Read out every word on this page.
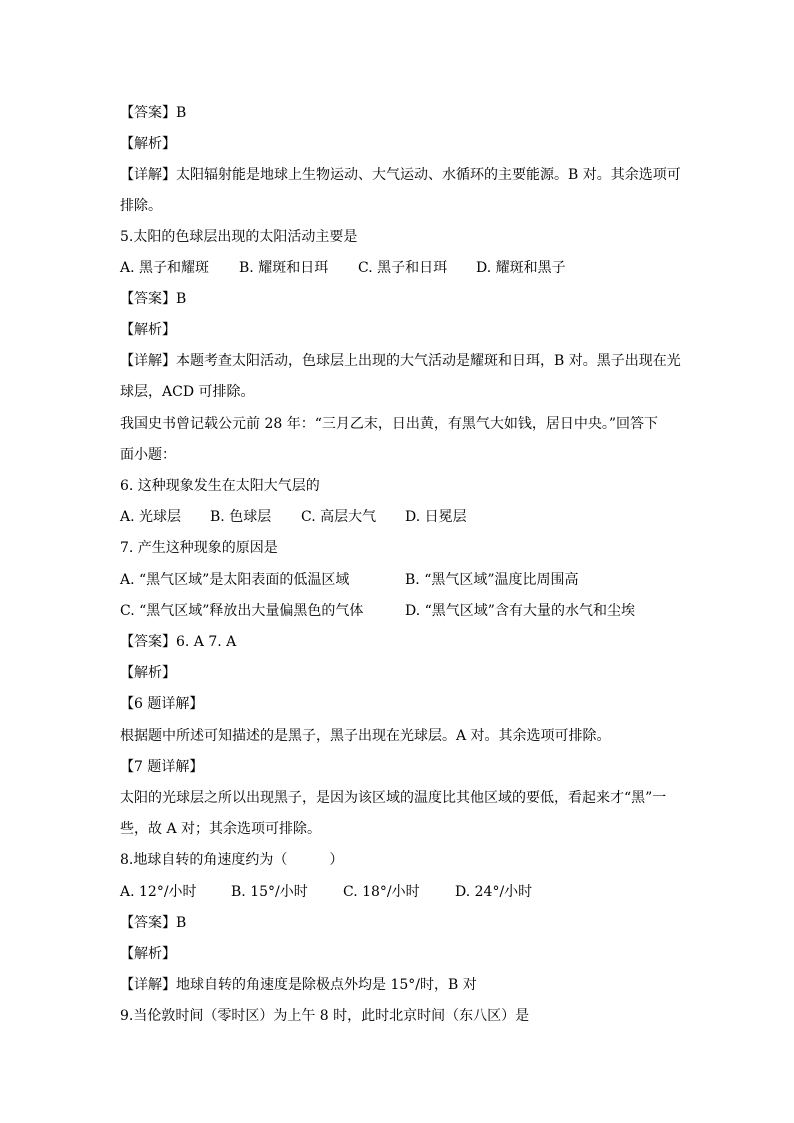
【答案】B
【解析】
【详解】太阳辐射能是地球上生物运动、大气运动、水循环的主要能源。B 对。其余选项可
排除。
5.太阳的色球层出现的太阳活动主要是
A. 黑子和耀斑 B. 耀斑和日珥 C. 黑子和日珥 D. 耀斑和黑子
【答案】B
【解析】
【详解】本题考查太阳活动，色球层上出现的大气活动是耀斑和日珥，B 对。黑子出现在光
球层，ACD 可排除。
我国史书曾记载公元前 28 年：“三月乙末，日出黄，有黑气大如钱，居日中央。”回答下
面小题：
6. 这种现象发生在太阳大气层的
A. 光球层 B. 色球层 C. 高层大气 D. 日冕层
7. 产生这种现象的原因是
A. “黑气区域”是太阳表面的低温区域	B. “黑气区域”温度比周围高
C. “黑气区域”释放出大量偏黑色的气体	D. “黑气区域”含有大量的水气和尘埃
【答案】6. A 7. A
【解析】
【6 题详解】
根据题中所述可知描述的是黑子，黑子出现在光球层。A 对。其余选项可排除。
【7 题详解】
太阳的光球层之所以出现黑子，是因为该区域的温度比其他区域的要低，看起来才“黑”一
些，故 A 对；其余选项可排除。
8.地球自转的角速度约为（　　　）
A. 12°/小时 B. 15°/小时	C. 18°/小时	D. 24°/小时
【答案】B
【解析】
【详解】地球自转的角速度是除极点外均是 15°/时，B 对
9.当伦敦时间（零时区）为上午 8 时，此时北京时间（东八区）是
